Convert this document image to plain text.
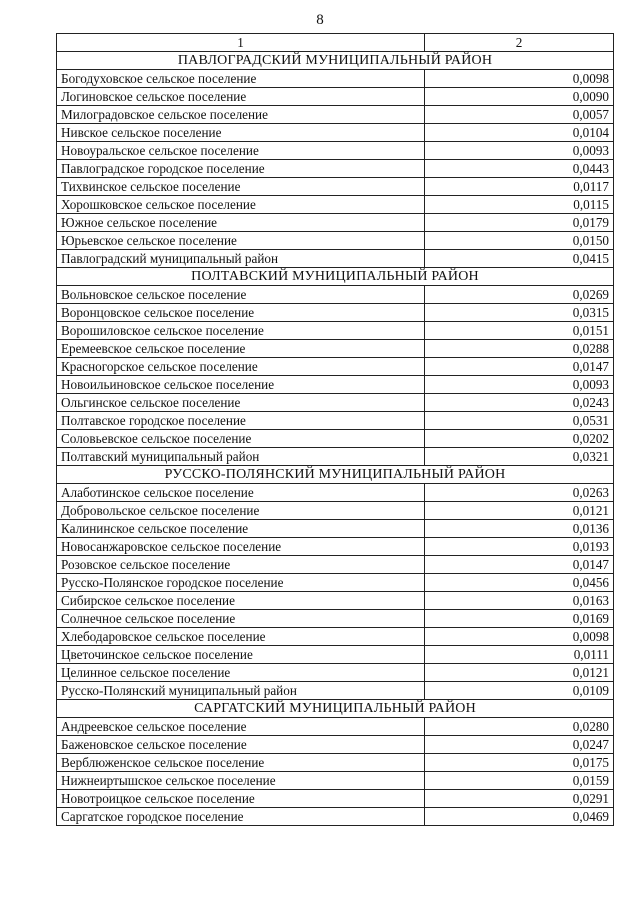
8
1	2
ПАВЛОГРАДСКИЙ МУНИЦИПАЛЬНЫЙ РАЙОН	
Богодуховское сельское поселение	0,0098
Логиновское сельское поселение	0,0090
Милоградовское сельское поселение	0,0057
Нивское сельское поселение	0,0104
Новоуральское сельское поселение	0,0093
Павлоградское городское поселение	0,0443
Тихвинское сельское поселение	0,0117
Хорошковское сельское поселение	0,0115
Южное сельское поселение	0,0179
Юрьевское сельское поселение	0,0150
Павлоградский муниципальный район	0,0415
ПОЛТАВСКИЙ МУНИЦИПАЛЬНЫЙ РАЙОН	
Вольновское сельское поселение	0,0269
Воронцовское сельское поселение	0,0315
Ворошиловское сельское поселение	0,0151
Еремеевское сельское поселение	0,0288
Красногорское сельское поселение	0,0147
Новоильиновское сельское поселение	0,0093
Ольгинское сельское поселение	0,0243
Полтавское городское поселение	0,0531
Соловьевское сельское поселение	0,0202
Полтавский муниципальный район	0,0321
РУССКО-ПОЛЯНСКИЙ МУНИЦИПАЛЬНЫЙ РАЙОН	
Алаботинское сельское поселение	0,0263
Добровольское сельское поселение	0,0121
Калининское сельское поселение	0,0136
Новосанжаровское сельское поселение	0,0193
Розовское сельское поселение	0,0147
Русско-Полянское городское поселение	0,0456
Сибирское сельское поселение	0,0163
Солнечное сельское поселение	0,0169
Хлебодаровское сельское поселение	0,0098
Цветочинское сельское поселение	0,0111
Целинное сельское поселение	0,0121
Русско-Полянский муниципальный район	0,0109
САРГАТСКИЙ МУНИЦИПАЛЬНЫЙ РАЙОН	
Андреевское сельское поселение	0,0280
Баженовское сельское поселение	0,0247
Верблюженское сельское поселение	0,0175
Нижнеиртышское сельское поселение	0,0159
Новотроицкое сельское поселение	0,0291
Саргатское городское поселение	0,0469
